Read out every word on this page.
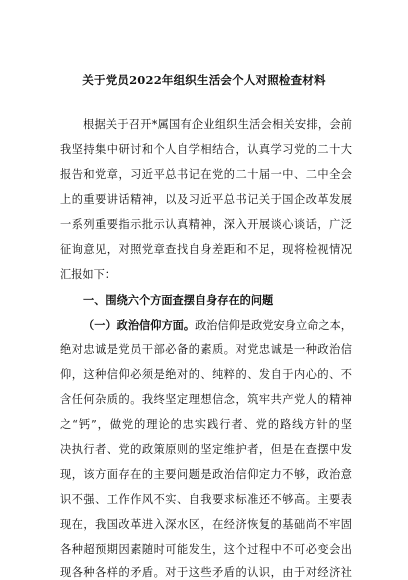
关于党员2022年组织生活会个人对照检查材料

根据关于召开*属国有企业组织生活会相关安排，会前

我坚持集中研讨和个人自学相结合，认真学习党的二十大

报告和党章，习近平总书记在党的二十届一中、二中全会

上的重要讲话精神，以及习近平总书记关于国企改革发展

一系列重要指示批示认真精神，深入开展谈心谈话，广泛

征询意见，对照党章查找自身差距和不足，现将检视情况

汇报如下：

一、围绕六个方面查摆自身存在的问题

（一）政治信仰方面。政治信仰是政党安身立命之本，

绝对忠诚是党员干部必备的素质。对党忠诚是一种政治信

仰，这种信仰必须是绝对的、纯粹的、发自于内心的、不

含任何杂质的。我终坚定理想信念，筑牢共产党人的精神

之“钙”，做党的理论的忠实践行者、党的路线方针的坚

决执行者、党的政策原则的坚定维护者，但是在查摆中发

现，该方面存在的主要问题是政治信仰定力不够，政治意

识不强、工作作风不实、自我要求标准还不够高。主要表

现在，我国改革进入深水区，在经济恢复的基础尚不牢固

各种超预期因素随时可能发生，这个过程中不可必变会出

现各种各样的矛盾。对于这些矛盾的认识，由于对经济社
